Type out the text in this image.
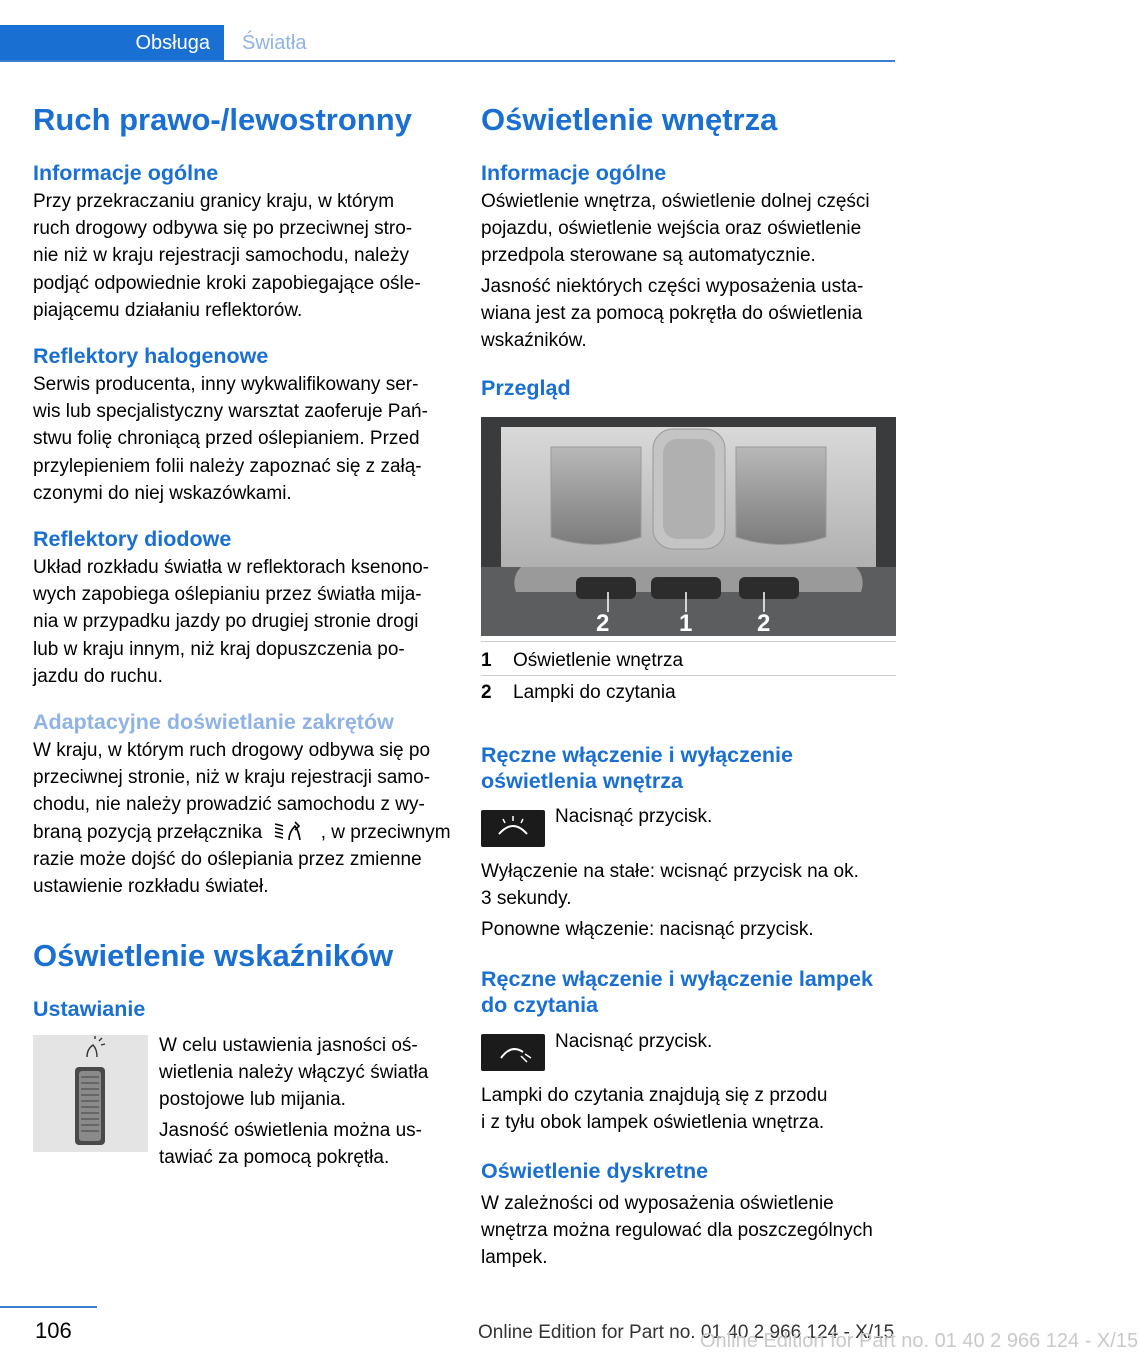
Obsługa	Światła
Ruch prawo-/lewostronny
Informacje ogólne
Przy przekraczaniu granicy kraju, w którym
ruch drogowy odbywa się po przeciwnej stro‐
nie niż w kraju rejestracji samochodu, należy
podjąć odpowiednie kroki zapobiegające ośle‐
piającemu działaniu reflektorów.
Reflektory halogenowe
Serwis producenta, inny wykwalifikowany ser‐
wis lub specjalistyczny warsztat zaoferuje Pań‐
stwu folię chroniącą przed oślepianiem. Przed
przylepieniem folii należy zapoznać się z załą‐
czonymi do niej wskazówkami.
Reflektory diodowe
Układ rozkładu światła w reflektorach ksenono‐
wych zapobiega oślepianiu przez światła mija‐
nia w przypadku jazdy po drugiej stronie drogi
lub w kraju innym, niż kraj dopuszczenia po‐
jazdu do ruchu.
Adaptacyjne doświetlanie zakrętów
W kraju, w którym ruch drogowy odbywa się po
przeciwnej stronie, niż w kraju rejestracji samo‐
chodu, nie należy prowadzić samochodu z wy‐
braną pozycją przełącznika	, w przeciwnym
razie może dojść do oślepiania przez zmienne
ustawienie rozkładu świateł.
Oświetlenie wskaźników
Ustawianie
W celu ustawienia jasności oś‐
wietlenia należy włączyć światła
postojowe lub mijania.
Jasność oświetlenia można us‐
tawiać za pomocą pokrętła.
Oświetlenie wnętrza
Informacje ogólne
Oświetlenie wnętrza, oświetlenie dolnej części
pojazdu, oświetlenie wejścia oraz oświetlenie
przedpola sterowane są automatycznie.
Jasność niektórych części wyposażenia usta‐
wiana jest za pomocą pokrętła do oświetlenia
wskaźników.
Przegląd
2	1	2
1 Oświetlenie wnętrza
2 Lampki do czytania
Ręczne włączenie i wyłączenie
oświetlenia wnętrza
Nacisnąć przycisk.
Wyłączenie na stałe: wcisnąć przycisk na ok.
3 sekundy.
Ponowne włączenie: nacisnąć przycisk.
Ręczne włączenie i wyłączenie lampek
do czytania
Nacisnąć przycisk.
Lampki do czytania znajdują się z przodu
i z tyłu obok lampek oświetlenia wnętrza.
Oświetlenie dyskretne
W zależności od wyposażenia oświetlenie
wnętrza można regulować dla poszczególnych
lampek.
106	Online Edition for Part no. 01 40 2 966 124 - X/15
Online Edition for Part no. 01 40 2 966 124 - X/15
